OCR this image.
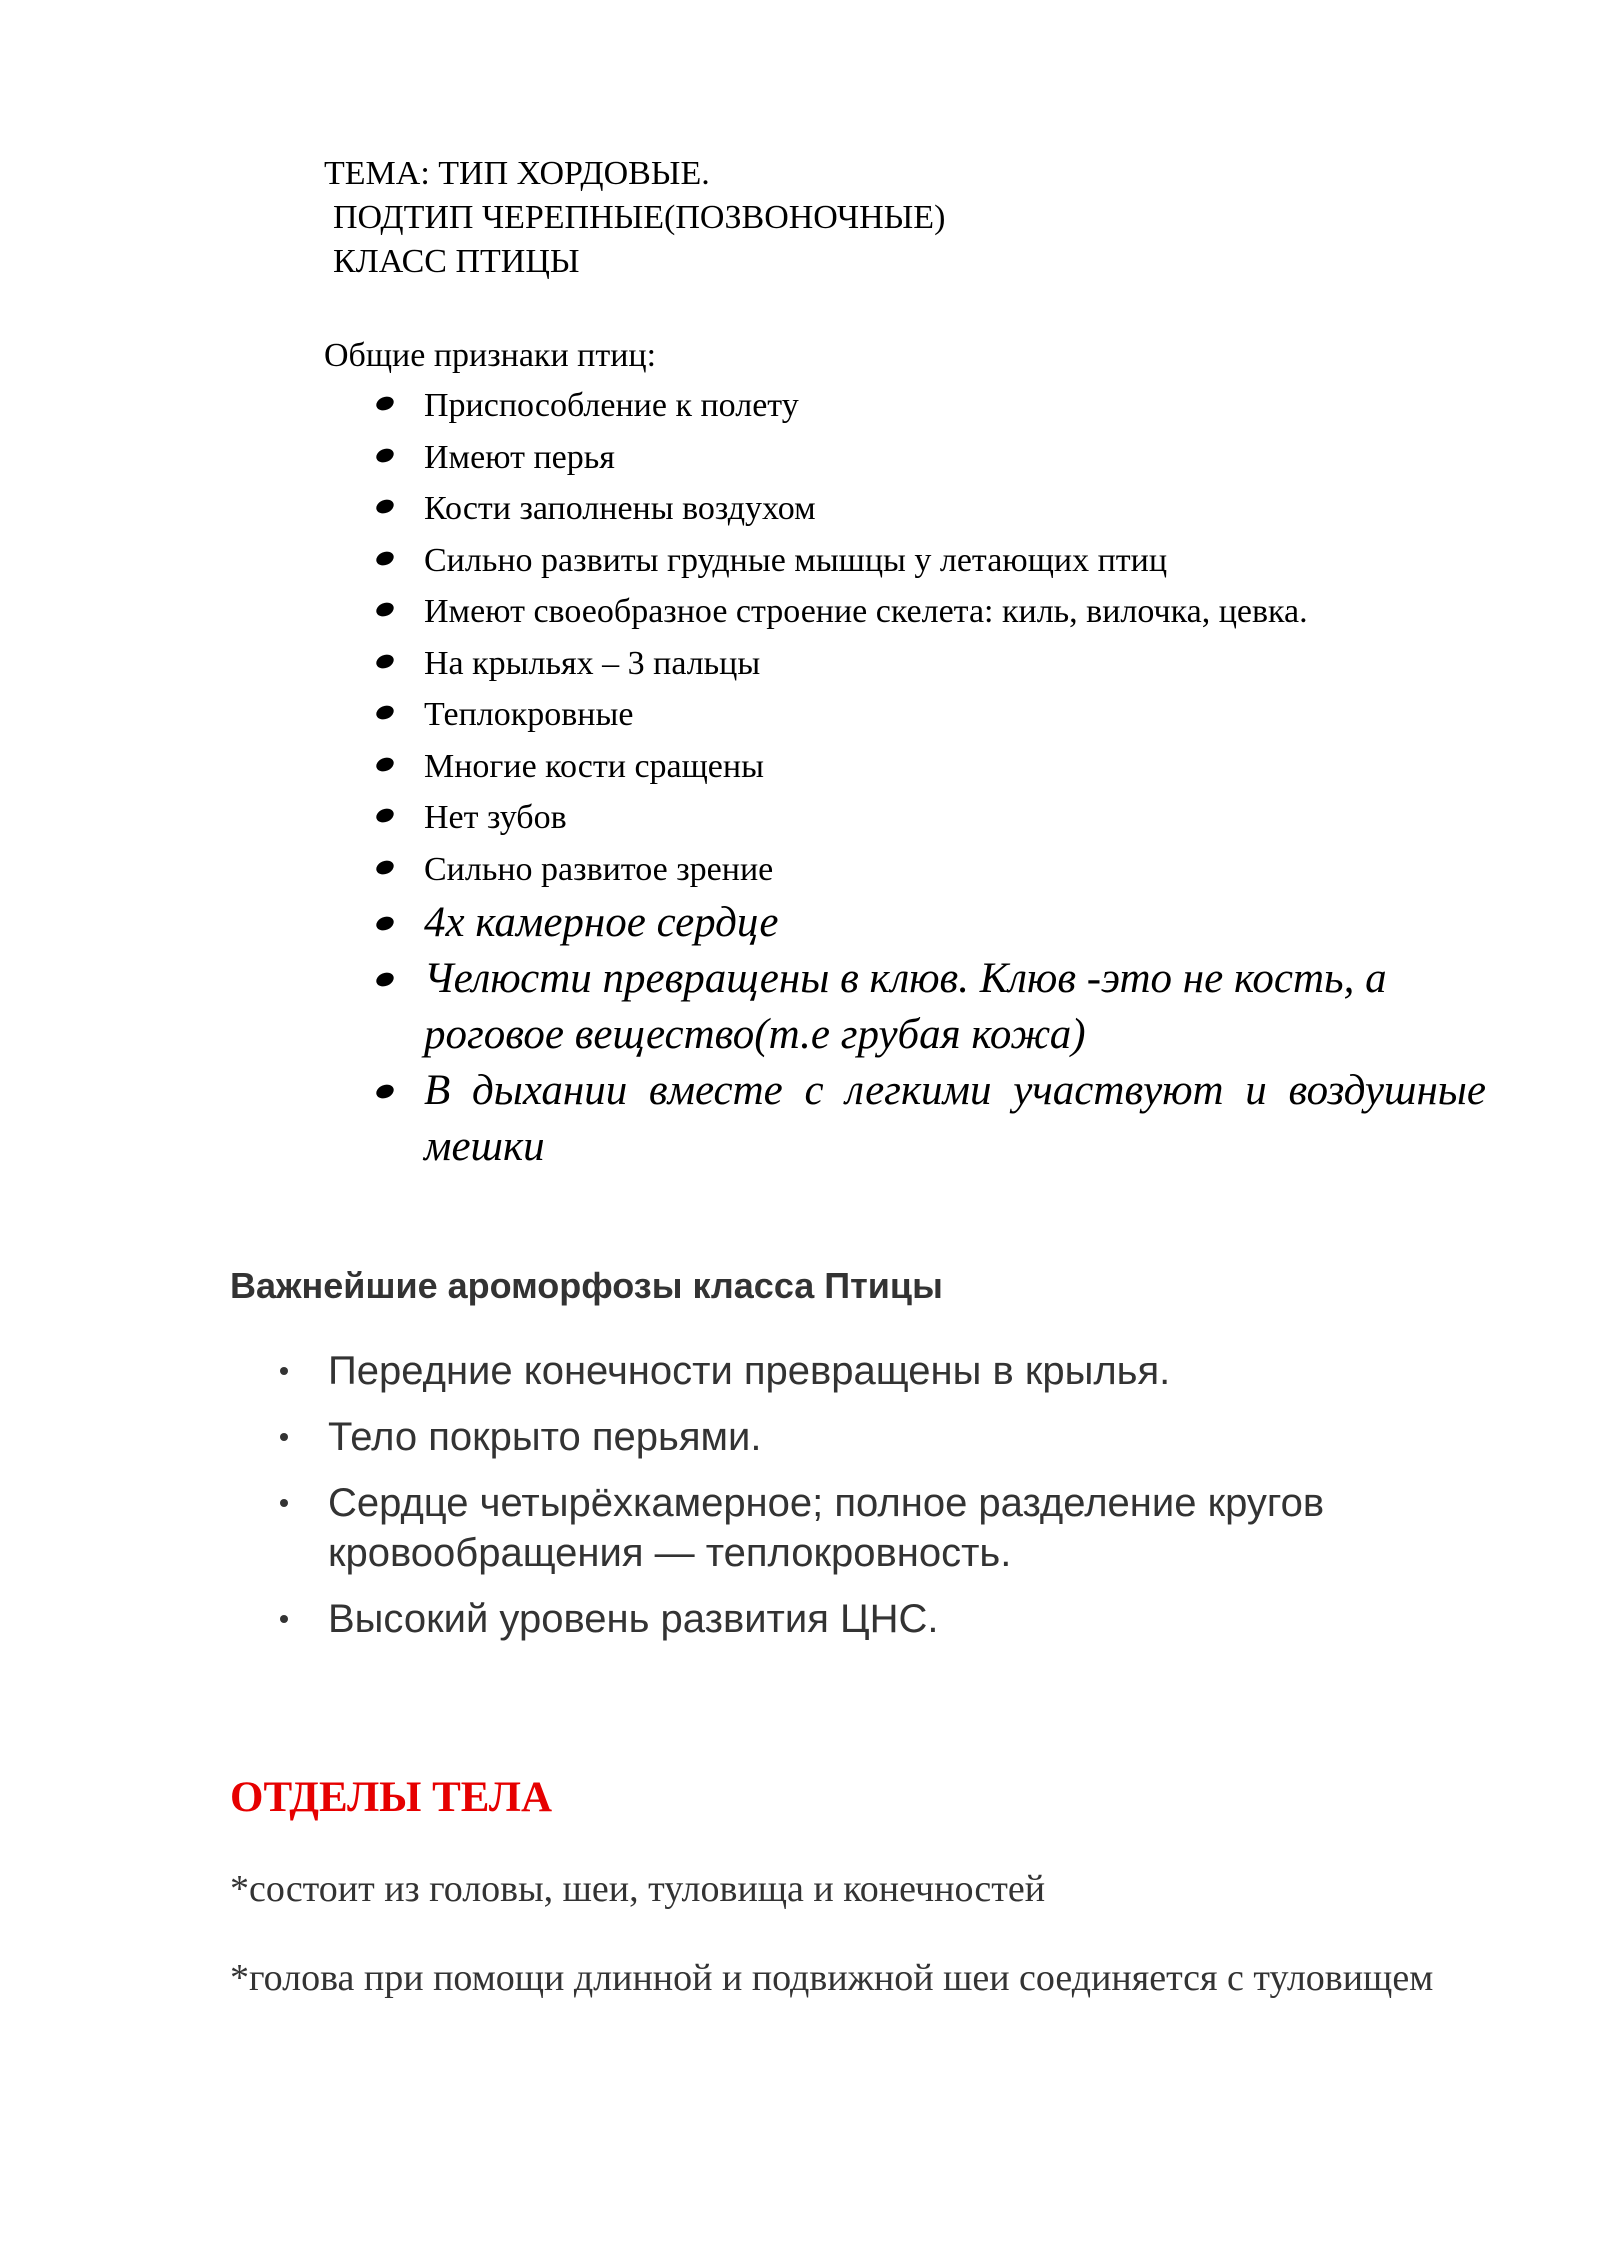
ТЕМА: ТИП ХОРДОВЫЕ.
ПОДТИП ЧЕРЕПНЫЕ(ПОЗВОНОЧНЫЕ)
КЛАСС ПТИЦЫ
Общие признаки птиц:
Приспособление к полету
Имеют перья
Кости заполнены воздухом
Сильно развиты грудные мышцы у летающих птиц
Имеют своеобразное строение скелета: киль, вилочка, цевка.
На крыльях – 3 пальцы
Теплокровные
Многие кости сращены
Нет зубов
Сильно развитое зрение
4х камерное сердце
Челюсти превращены в клюв. Клюв -это не кость, а роговое вещество(т.е грубая кожа)
В дыхании вместе с легкими участвуют и воздушные мешки
Важнейшие ароморфозы класса Птицы
Передние конечности превращены в крылья.
Тело покрыто перьями.
Сердце четырёхкамерное; полное разделение кругов кровообращения — теплокровность.
Высокий уровень развития ЦНС.
ОТДЕЛЫ ТЕЛА

*состоит из головы, шеи, туловища и конечностей

*голова при помощи длинной и подвижной шеи соединяется с туловищем
